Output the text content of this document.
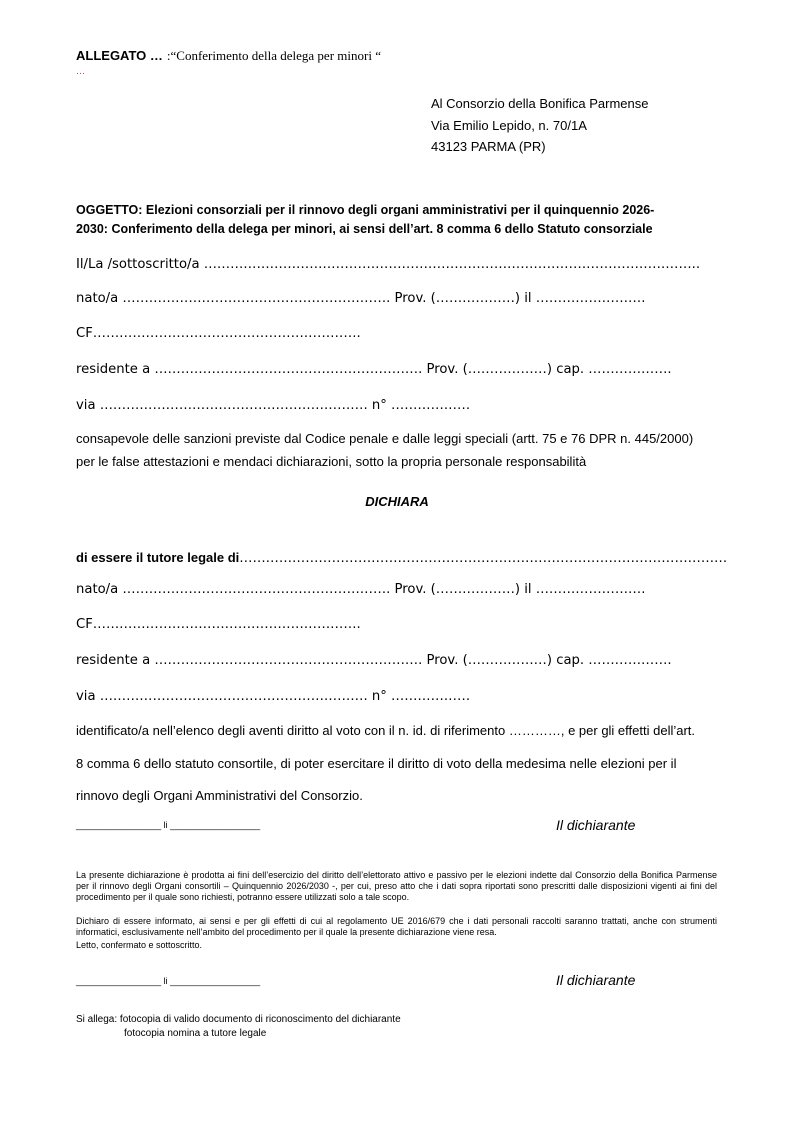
ALLEGATO … :“Conferimento della delega per minori “
…
Al Consorzio della Bonifica Parmense
Via Emilio Lepido, n. 70/1A
43123 PARMA (PR)
OGGETTO: Elezioni consorziali per il rinnovo degli organi amministrativi per il quinquennio 2026-
2030: Conferimento della delega per minori, ai sensi dell’art. 8 comma 6 dello Statuto consorziale
Il/La /sottoscritto/a …………………………………………………………………………………………………..
nato/a ……………………………………………………. Prov. (………………) il …………………….
CF…………………………………………………….
residente a ……………………………………………………. Prov. (………………) cap. ……………….
via ……………………………………………………. n° ………………
consapevole delle sanzioni previste dal Codice penale e dalle leggi speciali (artt. 75 e 76 DPR n. 445/2000)
per le false attestazioni e mendaci dichiarazioni, sotto la propria personale responsabilità
DICHIARA
di essere il tutore legale di…………………………………………………………………………………………………
nato/a ……………………………………………………. Prov. (………………) il …………………….
CF…………………………………………………….
residente a ……………………………………………………. Prov. (………………) cap. ……………….
via ……………………………………………………. n° ………………
identificato/a nell’elenco degli aventi diritto al voto con il n. id. di riferimento …………, e per gli effetti dell’art.
8 comma 6 dello statuto consortile, di poter esercitare il diritto di voto della medesima nelle elezioni per il
rinnovo degli Organi Amministrativi del Consorzio.
_________________ li __________________	Il dichiarante
La presente dichiarazione è prodotta ai fini dell’esercizio del diritto dell’elettorato attivo e passivo per le elezioni indette dal Consorzio della Bonifica Parmense per il rinnovo degli Organi consortili – Quinquennio 2026/2030 -, per cui, preso atto che i dati sopra riportati sono prescritti dalle disposizioni vigenti ai fini del procedimento per il quale sono richiesti, potranno essere utilizzati solo a tale scopo.
Dichiaro di essere informato, ai sensi e per gli effetti di cui al regolamento UE 2016/679 che i dati personali raccolti saranno trattati, anche con strumenti informatici, esclusivamente nell’ambito del procedimento per il quale la presente dichiarazione viene resa.
Letto, confermato e sottoscritto.
_________________ li __________________	Il dichiarante
Si allega: fotocopia di valido documento di riconoscimento del dichiarante
fotocopia nomina a tutore legale
